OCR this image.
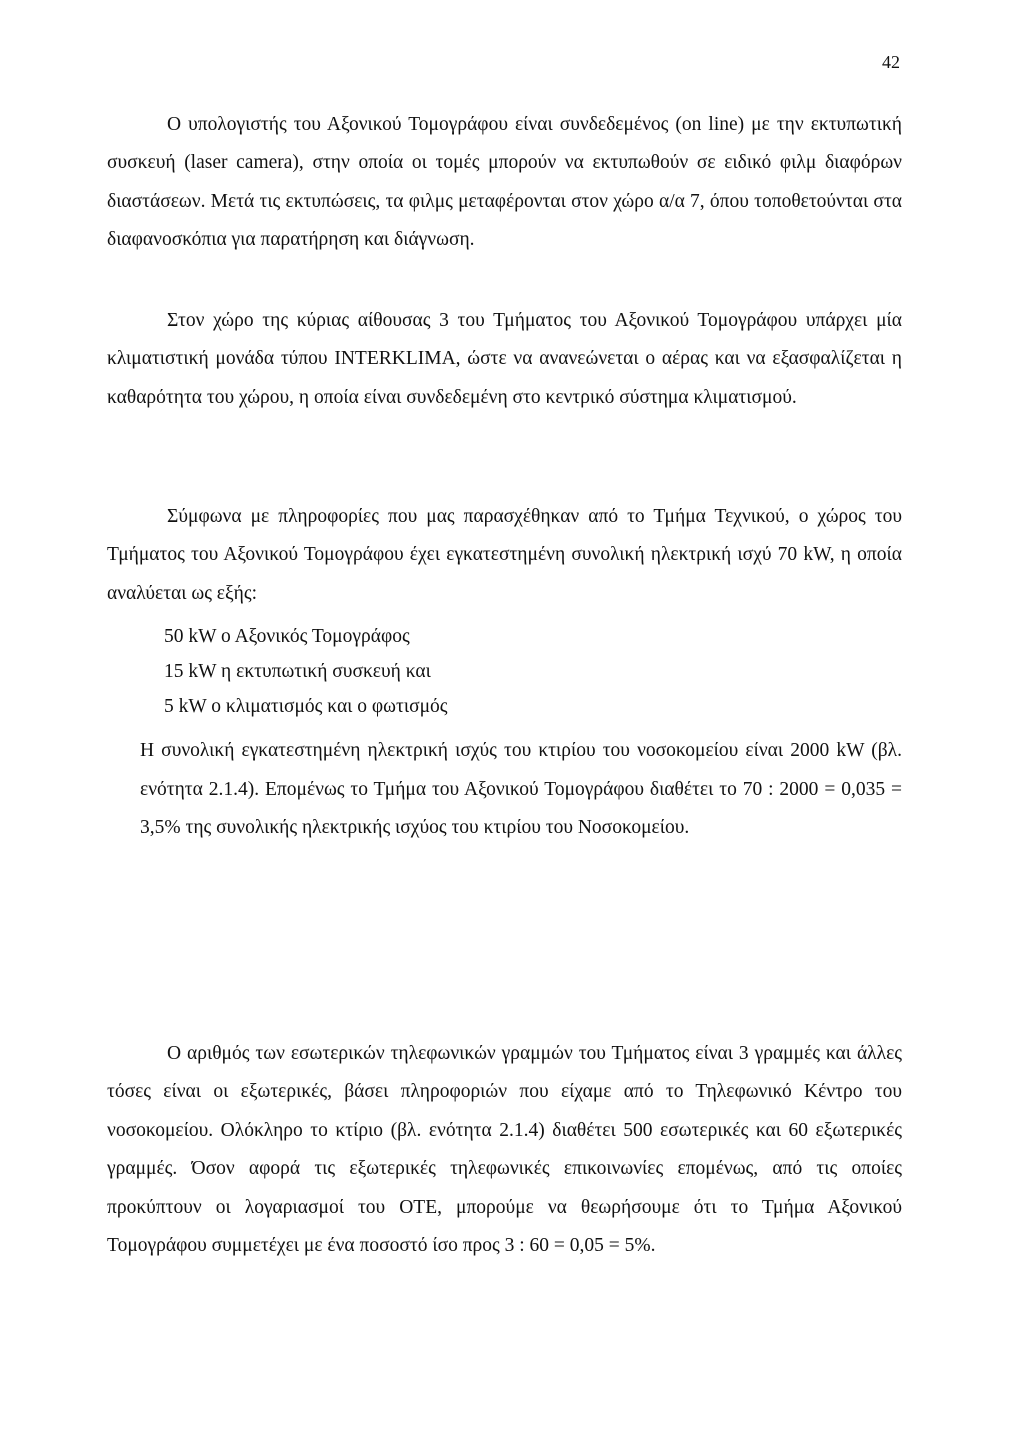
42

Ο υπολογιστής του Αξονικού Τομογράφου είναι συνδεδεμένος (on line) με την εκτυπωτική συσκευή (laser camera), στην οποία οι τομές μπορούν να εκτυπωθούν σε ειδικό φιλμ διαφόρων διαστάσεων. Μετά τις εκτυπώσεις, τα φιλμς μεταφέρονται στον χώρο α/α 7, όπου τοποθετούνται στα διαφανοσκόπια για παρατήρηση και διάγνωση.

Στον χώρο της κύριας αίθουσας 3 του Τμήματος του Αξονικού Τομογράφου υπάρχει μία κλιματιστική μονάδα τύπου INTERKLIMA, ώστε να ανανεώνεται ο αέρας και να εξασφαλίζεται η καθαρότητα του χώρου, η οποία είναι συνδεδεμένη στο κεντρικό σύστημα κλιματισμού.

Σύμφωνα με πληροφορίες που μας παρασχέθηκαν από το Τμήμα Τεχνικού, ο χώρος του Τμήματος του Αξονικού Τομογράφου έχει εγκατεστημένη συνολική ηλεκτρική ισχύ 70 kW, η οποία αναλύεται ως εξής:

50 kW ο Αξονικός Τομογράφος
15 kW η εκτυπωτική συσκευή και
5 kW ο κλιματισμός και ο φωτισμός

Η συνολική εγκατεστημένη ηλεκτρική ισχύς του κτιρίου του νοσοκομείου είναι 2000 kW (βλ. ενότητα 2.1.4). Επομένως το Τμήμα του Αξονικού Τομογράφου διαθέτει το 70 : 2000 = 0,035 = 3,5% της συνολικής ηλεκτρικής ισχύος του κτιρίου του Νοσοκομείου.

Ο αριθμός των εσωτερικών τηλεφωνικών γραμμών του Τμήματος είναι 3 γραμμές και άλλες τόσες είναι οι εξωτερικές, βάσει πληροφοριών που είχαμε από το Τηλεφωνικό Κέντρο του νοσοκομείου. Ολόκληρο το κτίριο (βλ. ενότητα 2.1.4) διαθέτει 500 εσωτερικές και 60 εξωτερικές γραμμές. Όσον αφορά τις εξωτερικές τηλεφωνικές επικοινωνίες επομένως, από τις οποίες προκύπτουν οι λογαριασμοί του ΟΤΕ, μπορούμε να θεωρήσουμε ότι το Τμήμα Αξονικού Τομογράφου συμμετέχει με ένα ποσοστό ίσο προς 3 : 60 = 0,05 = 5%.
